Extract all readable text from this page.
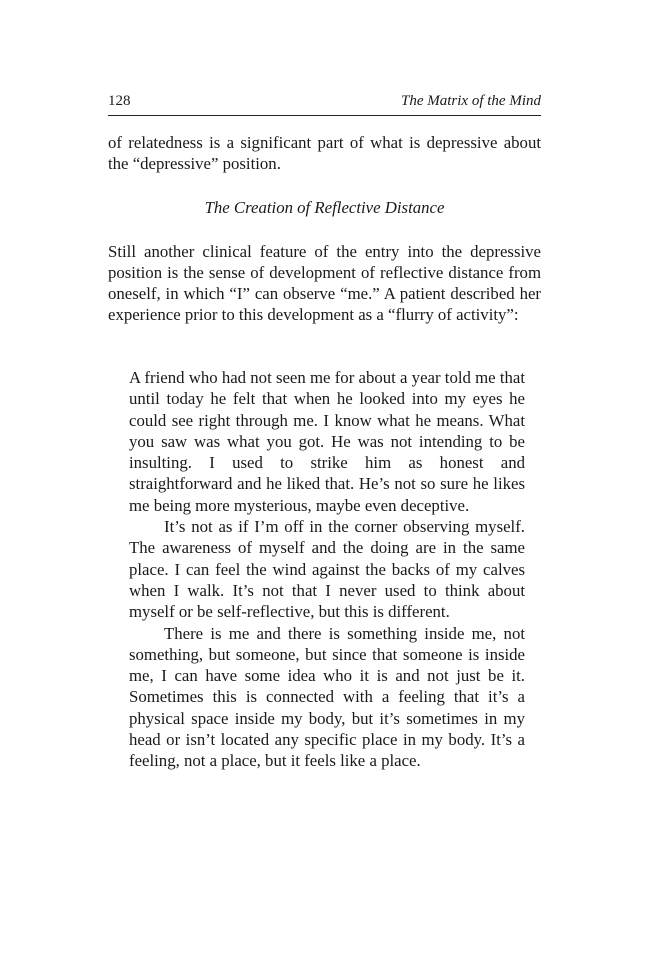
128	The Matrix of the Mind

of relatedness is a significant part of what is depressive about the “depressive” position.

The Creation of Reflective Distance

Still another clinical feature of the entry into the depressive position is the sense of development of reflective distance from oneself, in which “I” can observe “me.” A patient described her experience prior to this development as a “flurry of activity”:

A friend who had not seen me for about a year told me that until today he felt that when he looked into my eyes he could see right through me. I know what he means. What you saw was what you got. He was not intending to be insulting. I used to strike him as honest and straightforward and he liked that. He’s not so sure he likes me being more mysterious, maybe even deceptive.

It’s not as if I’m off in the corner observing myself. The awareness of myself and the doing are in the same place. I can feel the wind against the backs of my calves when I walk. It’s not that I never used to think about myself or be self-reflective, but this is different.

There is me and there is something inside me, not something, but someone, but since that someone is inside me, I can have some idea who it is and not just be it. Sometimes this is connected with a feeling that it’s a physical space inside my body, but it’s sometimes in my head or isn’t located any specific place in my body. It’s a feeling, not a place, but it feels like a place.
